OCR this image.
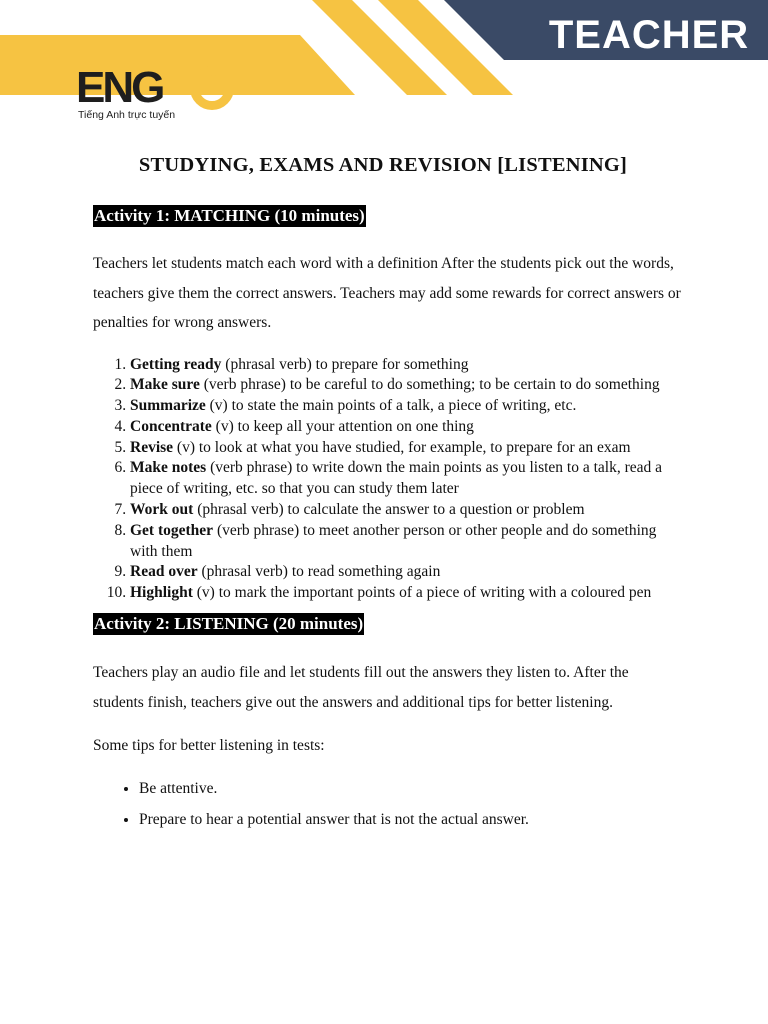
TEACHER
ENG
Tiếng Anh trực tuyến
STUDYING, EXAMS AND REVISION [LISTENING]
Activity 1: MATCHING (10 minutes)

Teachers let students match each word with a definition After the students pick out the words, teachers give them the correct answers. Teachers may add some rewards for correct answers or penalties for wrong answers.

1. Getting ready (phrasal verb) to prepare for something
2. Make sure (verb phrase) to be careful to do something; to be certain to do something
3. Summarize (v) to state the main points of a talk, a piece of writing, etc.
4. Concentrate (v) to keep all your attention on one thing
5. Revise (v) to look at what you have studied, for example, to prepare for an exam
6. Make notes (verb phrase) to write down the main points as you listen to a talk, read a piece of writing, etc. so that you can study them later
7. Work out (phrasal verb) to calculate the answer to a question or problem
8. Get together (verb phrase) to meet another person or other people and do something with them
9. Read over (phrasal verb) to read something again
10. Highlight (v) to mark the important points of a piece of writing with a coloured pen
Activity 2: LISTENING (20 minutes)

Teachers play an audio file and let students fill out the answers they listen to. After the students finish, teachers give out the answers and additional tips for better listening.

Some tips for better listening in tests:

• Be attentive.
• Prepare to hear a potential answer that is not the actual answer.
